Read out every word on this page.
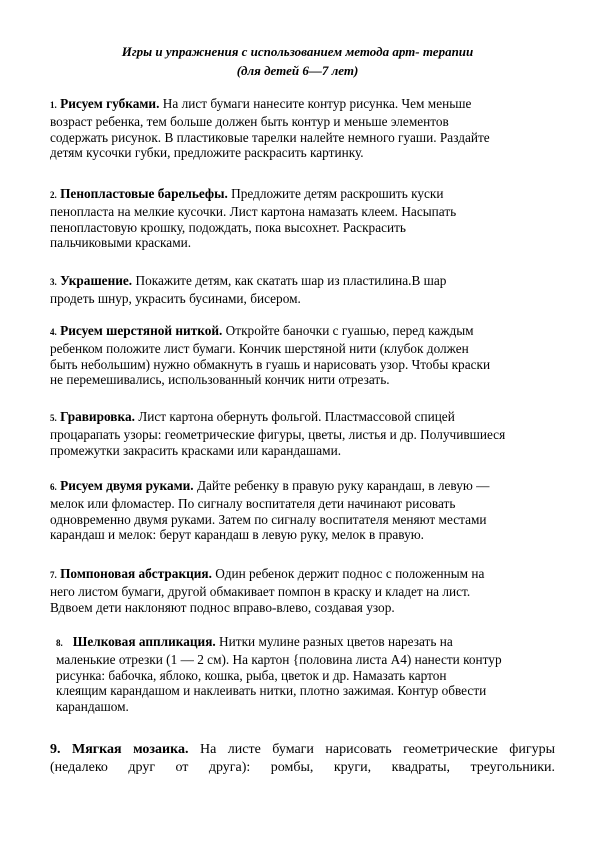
Игры и упражнения с использованием метода арт- терапии
(для детей 6—7 лет)
1. Рисуем губками. На лист бумаги нанесите контур рисунка. Чем меньше
возраст ребенка, тем больше должен быть контур и меньше элементов
содержать рисунок. В пластиковые тарелки налейте немного гуаши. Раздайте
детям кусочки губки, предложите раскрасить картинку.
2. Пенопластовые барельефы. Предложите детям раскрошить куски
пенопласта на мелкие кусочки. Лист картона намазать клеем. Насыпать
пенопластовую крошку, подождать, пока высохнет. Раскрасить
пальчиковыми красками.
3. Украшение. Покажите детям, как скатать шар из пластилина.В шар
продеть шнур, украсить бусинами, бисером.
4. Рисуем шерстяной ниткой. Откройте баночки с гуашью, перед каждым
ребенком положите лист бумаги. Кончик шерстяной нити (клубок должен
быть небольшим) нужно обмакнуть в гуашь и нарисовать узор. Чтобы краски
не перемешивались, использованный кончик нити отрезать.
5. Гравировка. Лист картона обернуть фольгой. Пластмассовой спицей
процарапать узоры: геометрические фигуры, цветы, листья и др. Получившиеся
промежутки закрасить красками или карандашами.
6. Рисуем двумя руками. Дайте ребенку в правую руку карандаш, в левую —
мелок или фломастер. По сигналу воспитателя дети начинают рисовать
одновременно двумя руками. Затем по сигналу воспитателя меняют местами
карандаш и мелок: берут карандаш в левую руку, мелок в правую.
7. Помпоновая абстракция. Один ребенок держит поднос с положенным на
него листом бумаги, другой обмакивает помпон в краску и кладет на лист.
Вдвоем дети наклоняют поднос вправо-влево, создавая узор.
8. Шелковая аппликация. Нитки мулине разных цветов нарезать на
маленькие отрезки (1 — 2 см). На картон {половина листа А4) нанести контур
рисунка: бабочка, яблоко, кошка, рыба, цветок и др. Намазать картон
клеящим карандашом и наклеивать нитки, плотно зажимая. Контур обвести
карандашом.
9. Мягкая мозаика. На листе бумаги нарисовать геометрические фигуры
(недалеко друг от друга): ромбы, круги, квадраты, треугольники.
